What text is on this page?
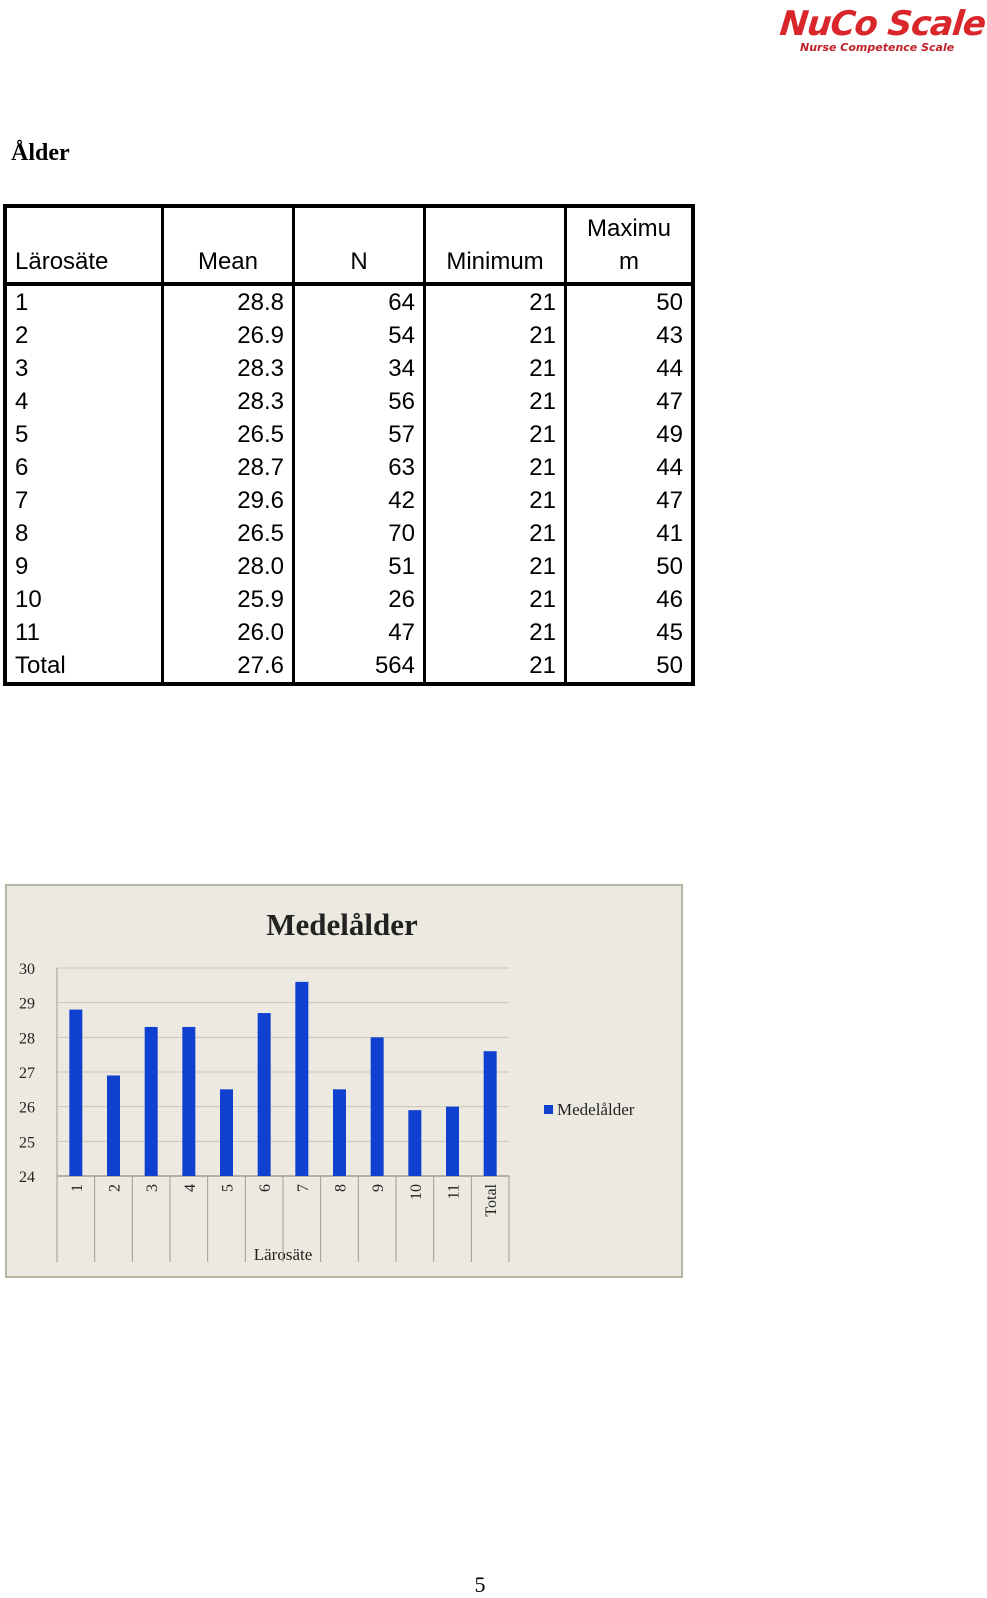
NuCo Scale
Nurse Competence Scale
Ålder
Lärosäte	Mean	N	Minimum	Maximu m
1	28.8	64	21	50
2	26.9	54	21	43
3	28.3	34	21	44
4	28.3	56	21	47
5	26.5	57	21	49
6	28.7	63	21	44
7	29.6	42	21	47
8	26.5	70	21	41
9	28.0	51	21	50
10	25.9	26	21	46
11	26.0	47	21	45
Total	27.6	564	21	50
Medelålder
Lärosäte
30
29
28
27
26
25
24
1 2 3 4 5 6 7 8 9 10 11 Total
Medelålder
5
